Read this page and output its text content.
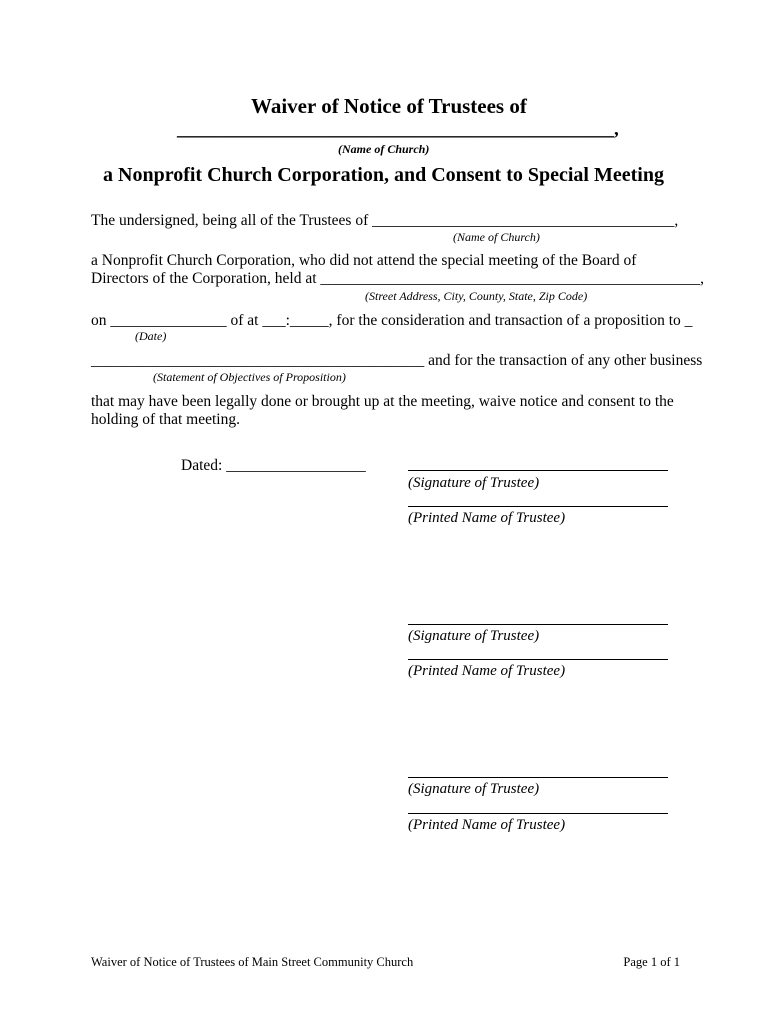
Waiver of Notice of Trustees of
______________________________________________,
(Name of Church)
a Nonprofit Church Corporation, and Consent to Special Meeting
The undersigned, being all of the Trustees of _______________________________________,
(Name of Church)
a Nonprofit Church Corporation, who did not attend the special meeting of the Board of
Directors of the Corporation, held at _________________________________________________,
(Street Address, City, County, State, Zip Code)
on _______________ of at ___:_____, for the consideration and transaction of a proposition to _
(Date)
___________________________________________ and for the transaction of any other business
(Statement of Objectives of Proposition)
that may have been legally done or brought up at the meeting, waive notice and consent to the
holding of that meeting.
Dated: __________________
(Signature of Trustee)
(Printed Name of Trustee)
(Signature of Trustee)
(Printed Name of Trustee)
(Signature of Trustee)
(Printed Name of Trustee)
Waiver of Notice of Trustees of Main Street Community Church	Page 1 of 1
